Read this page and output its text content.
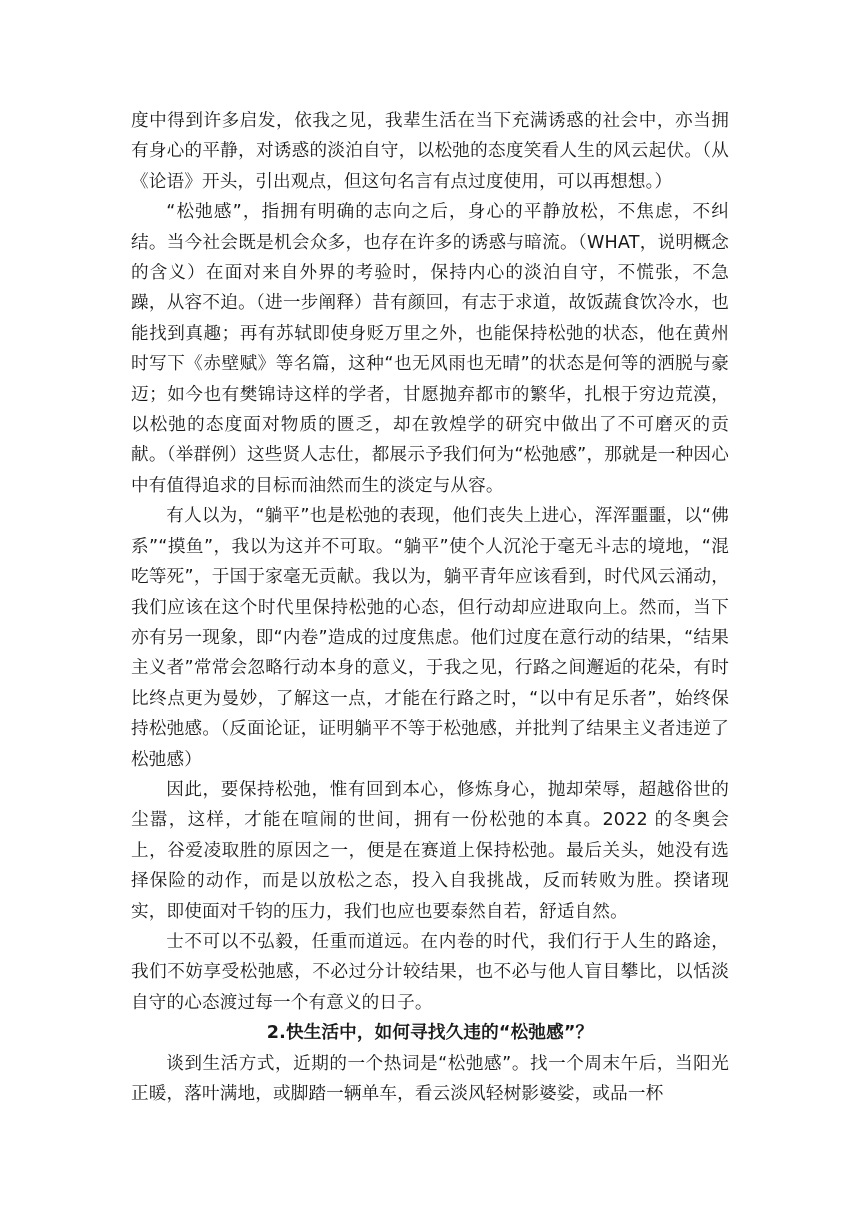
度中得到许多启发，依我之见，我辈生活在当下充满诱惑的社会中，亦当拥有身心的平静，对诱惑的淡泊自守，以松弛的态度笑看人生的风云起伏。（从《论语》开头，引出观点，但这句名言有点过度使用，可以再想想。）

“松弛感”，指拥有明确的志向之后，身心的平静放松，不焦虑，不纠结。当今社会既是机会众多，也存在许多的诱惑与暗流。（WHAT，说明概念的含义）在面对来自外界的考验时，保持内心的淡泊自守，不慌张，不急躁，从容不迫。（进一步阐释）昔有颜回，有志于求道，故饭蔬食饮冷水，也能找到真趣；再有苏轼即使身贬万里之外，也能保持松弛的状态，他在黄州时写下《赤壁赋》等名篇，这种“也无风雨也无晴”的状态是何等的洒脱与豪迈；如今也有樊锦诗这样的学者，甘愿抛弃都市的繁华，扎根于穷边荒漠，以松弛的态度面对物质的匮乏，却在敦煌学的研究中做出了不可磨灭的贡献。（举群例）这些贤人志仕，都展示予我们何为“松弛感”，那就是一种因心中有值得追求的目标而油然而生的淡定与从容。

有人以为，“躺平”也是松弛的表现，他们丧失上进心，浑浑噩噩，以“佛系”“摸鱼”，我以为这并不可取。“躺平”使个人沉沦于毫无斗志的境地，“混吃等死”，于国于家毫无贡献。我以为，躺平青年应该看到，时代风云涌动，我们应该在这个时代里保持松弛的心态，但行动却应进取向上。然而，当下亦有另一现象，即“内卷”造成的过度焦虑。他们过度在意行动的结果，“结果主义者”常常会忽略行动本身的意义，于我之见，行路之间邂逅的花朵，有时比终点更为曼妙，了解这一点，才能在行路之时，“以中有足乐者”，始终保持松弛感。（反面论证，证明躺平不等于松弛感，并批判了结果主义者违逆了松弛感）

因此，要保持松弛，惟有回到本心，修炼身心，抛却荣辱，超越俗世的尘嚣，这样，才能在喧闹的世间，拥有一份松弛的本真。2022 的冬奥会上，谷爱凌取胜的原因之一，便是在赛道上保持松弛。最后关头，她没有选择保险的动作，而是以放松之态，投入自我挑战，反而转败为胜。揆诸现实，即使面对千钧的压力，我们也应也要泰然自若，舒适自然。

士不可以不弘毅，任重而道远。在内卷的时代，我们行于人生的路途，我们不妨享受松弛感，不必过分计较结果，也不必与他人盲目攀比，以恬淡自守的心态渡过每一个有意义的日子。

2.快生活中，如何寻找久违的“松弛感”？

谈到生活方式，近期的一个热词是“松弛感”。找一个周末午后，当阳光正暖，落叶满地，或脚踏一辆单车，看云淡风轻树影婆娑，或品一杯
